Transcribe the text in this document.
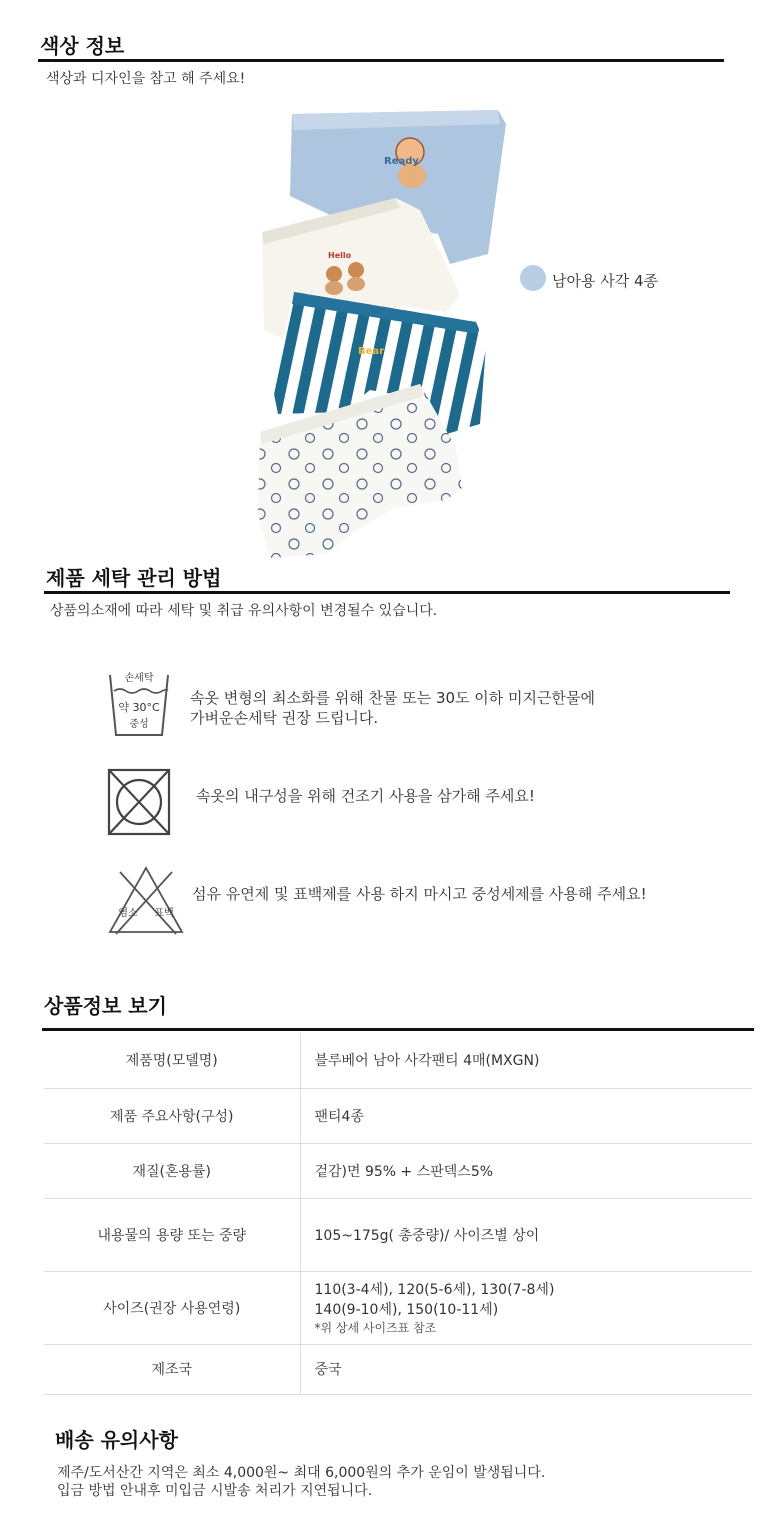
색상 정보
색상과 디자인을 참고 해 주세요!
Ready
Hello
Bear
남아용 사각 4종
제품 세탁 관리 방법
상품의소재에 따라 세탁 및 취급 유의사항이 변경될수 있습니다.
손세탁
약 30°C
중성
속옷 변형의 최소화를 위해 찬물 또는 30도 이하 미지근한물에
가벼운손세탁 권장 드립니다.
속옷의 내구성을 위해 건조기 사용을 삼가해 주세요!
염소 표백
섬유 유연제 및 표백제를 사용 하지 마시고 중성세제를 사용해 주세요!
상품정보 보기
제품명(모델명)	블루베어 남아 사각팬티 4매(MXGN)
제품 주요사항(구성)	팬티4종
재질(혼용률)	겉감)면 95% + 스판덱스5%
내용물의 용량 또는 중량	105~175g( 총중량)/ 사이즈별 상이
사이즈(권장 사용연령)	110(3-4세), 120(5-6세), 130(7-8세)
140(9-10세), 150(10-11세)
*위 상세 사이즈표 참조

제조국	중국
배송 유의사항
제주/도서산간 지역은 최소 4,000원~ 최대 6,000원의 추가 운임이 발생됩니다.
입금 방법 안내후 미입금 시발송 처리가 지연됩니다.
